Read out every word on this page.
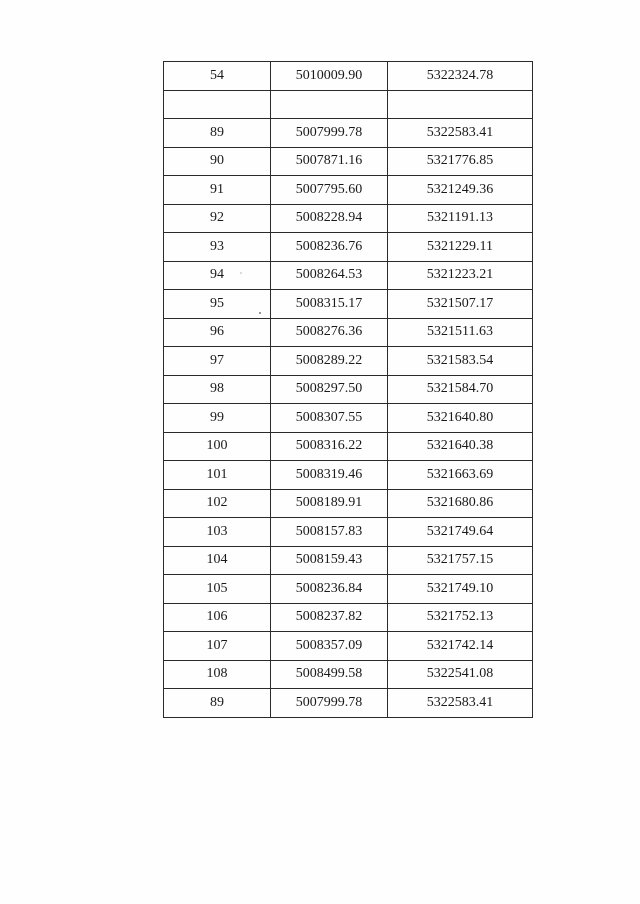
54	5010009.90	5322324.78

89	5007999.78	5322583.41
90	5007871.16	5321776.85
91	5007795.60	5321249.36
92	5008228.94	5321191.13
93	5008236.76	5321229.11
94	5008264.53	5321223.21
95	5008315.17	5321507.17
96	5008276.36	5321511.63
97	5008289.22	5321583.54
98	5008297.50	5321584.70
99	5008307.55	5321640.80
100	5008316.22	5321640.38
101	5008319.46	5321663.69
102	5008189.91	5321680.86
103	5008157.83	5321749.64
104	5008159.43	5321757.15
105	5008236.84	5321749.10
106	5008237.82	5321752.13
107	5008357.09	5321742.14
108	5008499.58	5322541.08
89	5007999.78	5322583.41
